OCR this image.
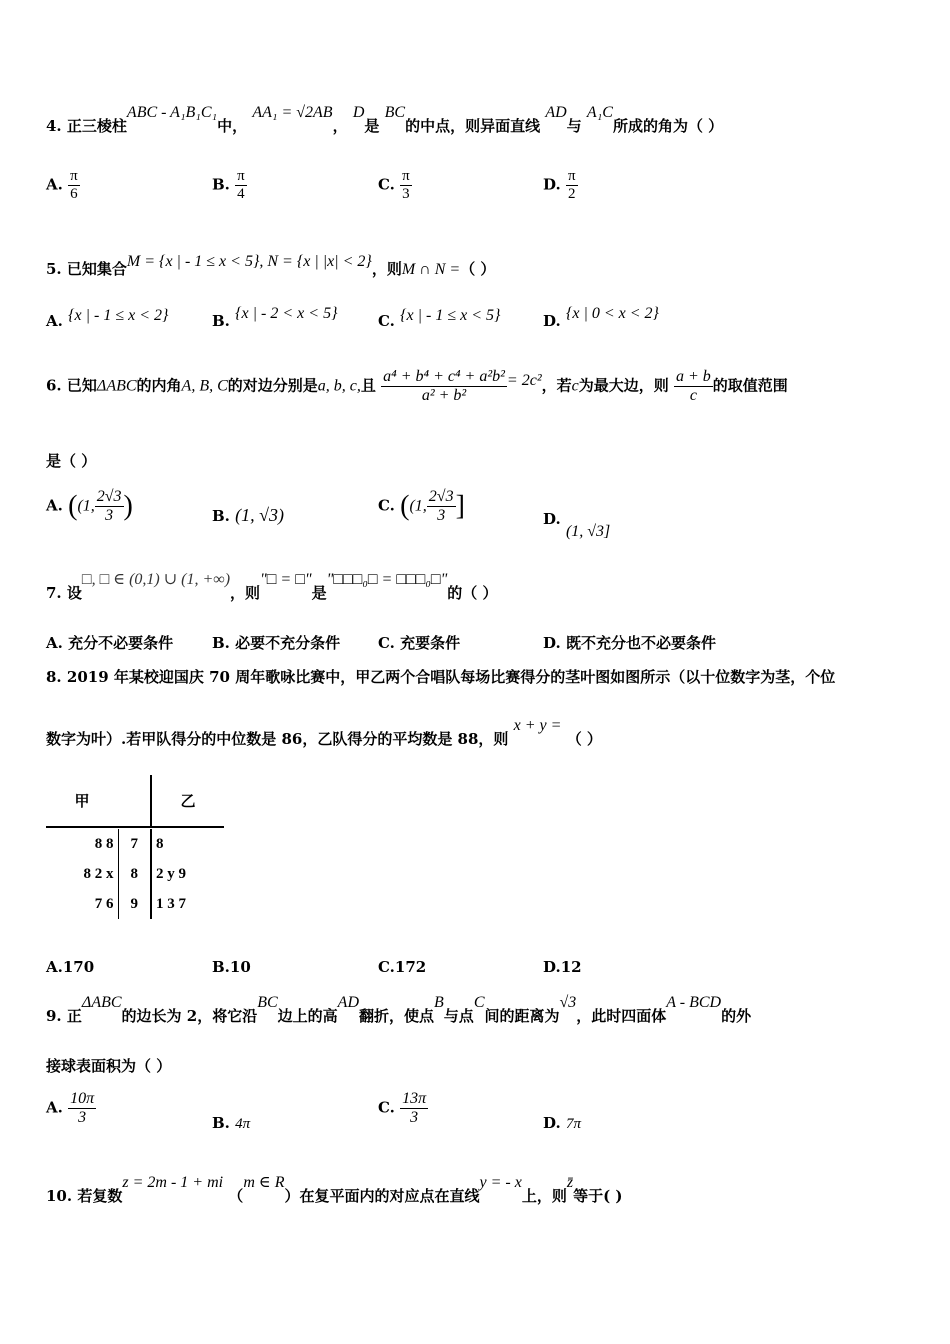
4. 正三棱柱ABC - A₁B₁C₁中， AA₁ = √2AB， D是 BC的中点，则异面直线 AD与 A₁C所成的角为（ ）
A. $\frac{\pi}{6}$	B. $\frac{\pi}{4}$	C. $\frac{\pi}{3}$	D. $\frac{\pi}{2}$
5. 已知集合M = {x | - 1 ≤ x < 5}, N = {x | |x| < 2}，则M ∩ N =（ ）
A. {x | - 1 ≤ x < 2}	B. {x | - 2 < x < 5}	C. {x | - 1 ≤ x < 5}	D. {x | 0 < x < 2}
6. 已知ΔABC的内角A, B, C的对边分别是a, b, c,且 $\frac{\text{a⁴ + b⁴ + c⁴ + a²b²}}{\text{a² + b²}} = 2c^2$，若c为最大边，则 $\frac{a + b}{c}$ 的取值范围
是（ ）
A. ((1, $\frac{2√3}{3}$ )	B. (1, √3)	C. ((1, $\frac{2√3}{3}$ ]	D. (1, √3]
7. 设□, □ ∈ (0,1) ∪ (1, +∞)，则"□ = □"是"□□□₀□ = □□□₀□"的（ ）
A. 充分不必要条件	B. 必要不充分条件	C. 充要条件	D. 既不充分也不必要条件
8. 2019 年某校迎国庆 70 周年歌咏比赛中，甲乙两个合唱队每场比赛得分的茎叶图如图所示（以十位数字为茎，个位
数字为叶）.若甲队得分的中位数是 86，乙队得分的平均数是 88，则 x + y = （ ）
甲		乙

8 8	7	8
8 2 x	8	2 y 9
7 6	9	1 3 7
A.170	B.10	C.172	D.12
9. 正ΔABC的边长为 2，将它沿BC边上的高AD翻折，使点B与点C间的距离为√3，此时四面体A - BCD的外
接球表面积为（ ）
A. $\frac{10\pi}{3}$	B. 4π
C. $\frac{13\pi}{3}$	D. 7π
10. 若复数z = 2m - 1 + mi （m ∈ R）在复平面内的对应点在直线y = - x上，则z̄等于( )
